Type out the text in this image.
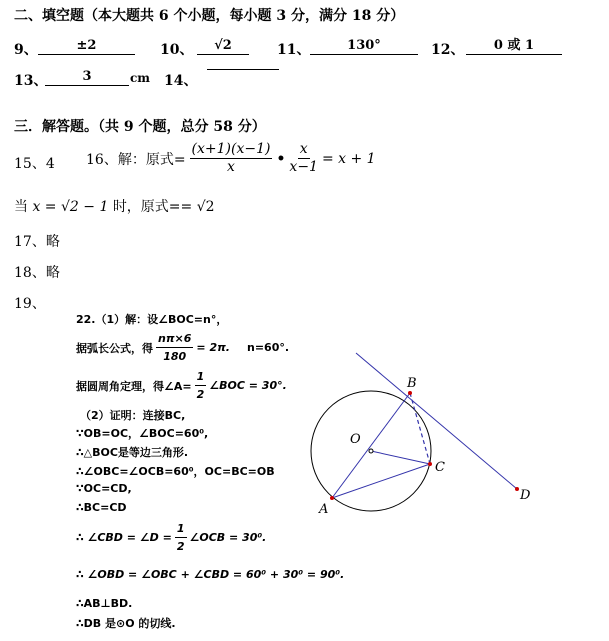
二、填空题（本大题共 6 个小题，每小题 3 分，满分 18 分）
9、	±2	10、	√2	11、	130°	12、	0 或 1
13、	3	cm 14、
三．解答题。（共 9 个题，总分 58 分）
15、4 16、解：原式= $\frac{(x+1)(x-1)}{x}$ • $\frac{x}{x-1} = x + 1$
当 x = √2 − 1 时，原式== √2
17、略
18、略
19、
22.（1）解：设∠BOC=n°，
据弧长公式，得 $\frac{n\pi\times 6}{180} = 2\pi$. n=60°.
据圆周角定理，得∠A= $\frac{1}{2}$ ∠BOC = 30°.
（2）证明：连接BC,
∵OB=OC，∠BOC=60⁰,
∴△BOC是等边三角形.
∴∠OBC=∠OCB=60⁰，OC=BC=OB
∵OC=CD,
∴BC=CD
∴ ∠CBD = ∠D = $\frac{1}{2}$ ∠OCB = 30⁰.
∴ ∠OBD = ∠OBC + ∠CBD = 60⁰ + 30⁰ = 90⁰.
∴AB⊥BD.
∴DB 是⊙O 的切线.
B
O
C
A
D
